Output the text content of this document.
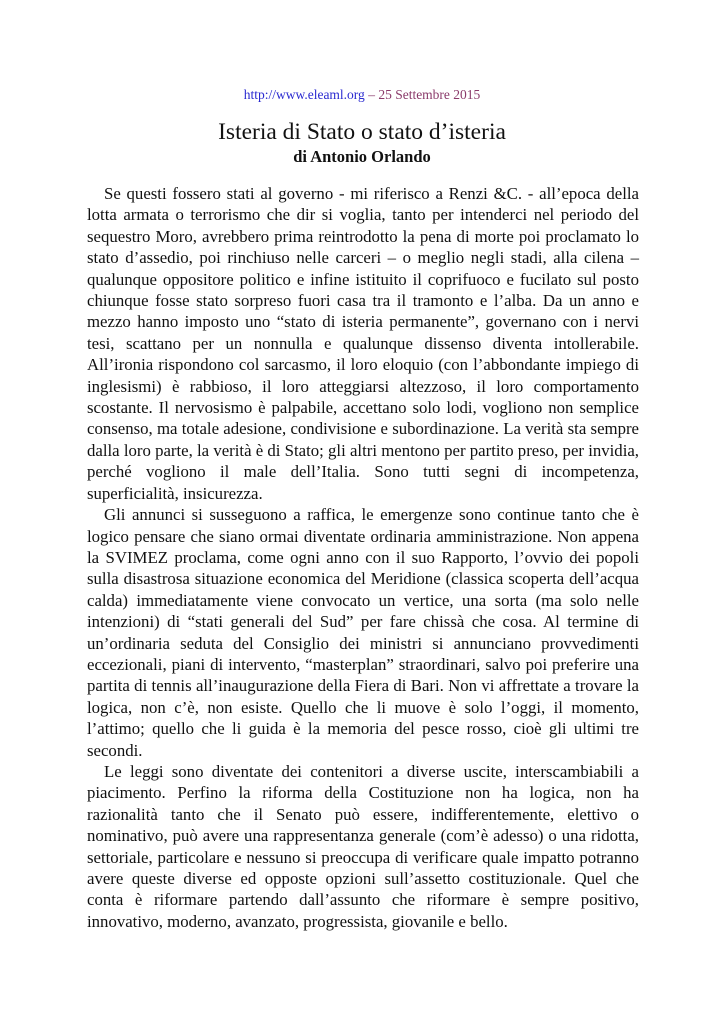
http://www.eleaml.org – 25 Settembre 2015
Isteria di Stato o stato d’isteria

di Antonio Orlando

Se questi fossero stati al governo - mi riferisco a Renzi &C. - all’epoca della lotta armata o terrorismo che dir si voglia, tanto per intenderci nel periodo del sequestro Moro, avrebbero prima reintrodotto la pena di morte poi proclamato lo stato d’assedio, poi rinchiuso nelle carceri – o meglio negli stadi, alla cilena – qualunque oppositore politico e infine istituito il coprifuoco e fucilato sul posto chiunque fosse stato sorpreso fuori casa tra il tramonto e l’alba. Da un anno e mezzo hanno imposto uno “stato di isteria permanente”, governano con i nervi tesi, scattano per un nonnulla e qualunque dissenso diventa intollerabile. All’ironia rispondono col sarcasmo, il loro eloquio (con l’abbondante impiego di inglesismi) è rabbioso, il loro atteggiarsi altezzoso, il loro comportamento scostante. Il nervosismo è palpabile, accettano solo lodi, vogliono non semplice consenso, ma totale adesione, condivisione e subordinazione. La verità sta sempre dalla loro parte, la verità è di Stato; gli altri mentono per partito preso, per invidia, perché vogliono il male dell’Italia. Sono tutti segni di incompetenza, superficialità, insicurezza.

Gli annunci si susseguono a raffica, le emergenze sono continue tanto che è logico pensare che siano ormai diventate ordinaria amministrazione. Non appena la SVIMEZ proclama, come ogni anno con il suo Rapporto, l’ovvio dei popoli sulla disastrosa situazione economica del Meridione (classica scoperta dell’acqua calda) immediatamente viene convocato un vertice, una sorta (ma solo nelle intenzioni) di “stati generali del Sud” per fare chissà che cosa. Al termine di un’ordinaria seduta del Consiglio dei ministri si annunciano provvedimenti eccezionali, piani di intervento, “masterplan” straordinari, salvo poi preferire una partita di tennis all’inaugurazione della Fiera di Bari. Non vi affrettate a trovare la logica, non c’è, non esiste. Quello che li muove è solo l’oggi, il momento, l’attimo; quello che li guida è la memoria del pesce rosso, cioè gli ultimi tre secondi.

Le leggi sono diventate dei contenitori a diverse uscite, interscambiabili a piacimento. Perfino la riforma della Costituzione non ha logica, non ha razionalità tanto che il Senato può essere, indifferentemente, elettivo o nominativo, può avere una rappresentanza generale (com’è adesso) o una ridotta, settoriale, particolare e nessuno si preoccupa di verificare quale impatto potranno avere queste diverse ed opposte opzioni sull’assetto costituzionale. Quel che conta è riformare partendo dall’assunto che riformare è sempre positivo, innovativo, moderno, avanzato, progressista, giovanile e bello.
